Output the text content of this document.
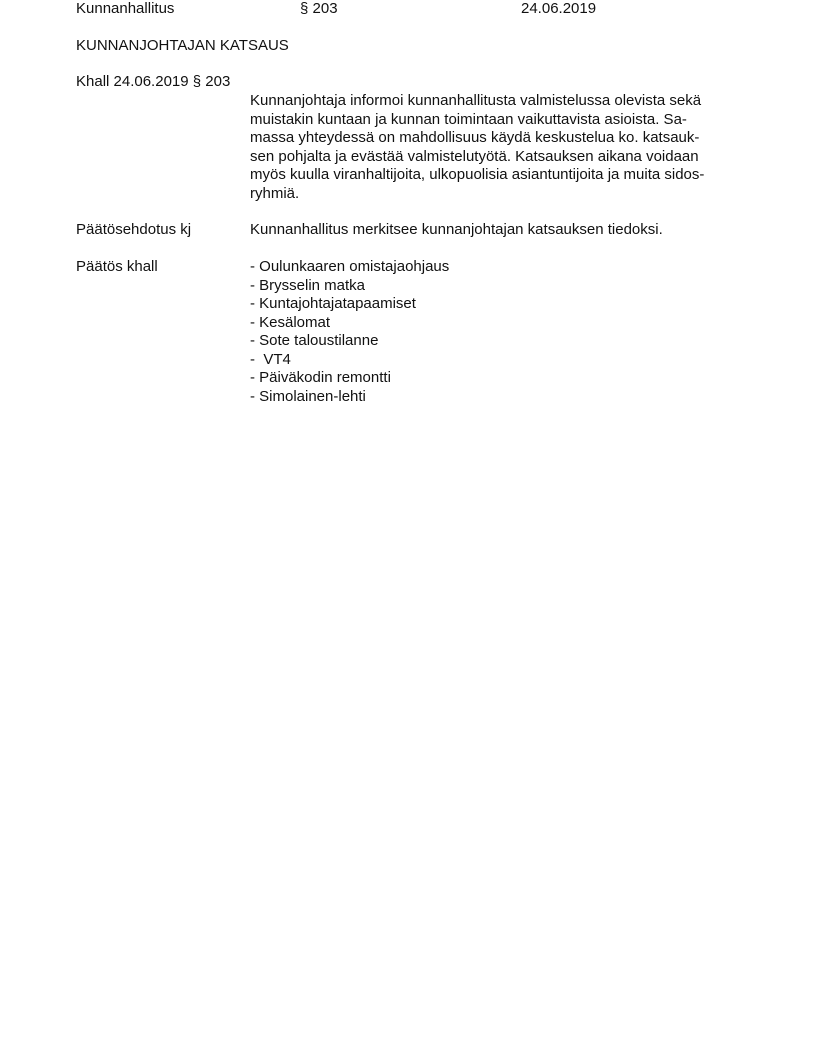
Kunnanhallitus	§ 203	24.06.2019
KUNNANJOHTAJAN KATSAUS
Khall 24.06.2019 § 203
Kunnanjohtaja informoi kunnanhallitusta valmistelussa olevista sekä
muistakin kuntaan ja kunnan toimintaan vaikuttavista asioista. Sa-
massa yhteydessä on mahdollisuus käydä keskustelua ko. katsauk-
sen pohjalta ja evästää valmistelutyötä. Katsauksen aikana voidaan
myös kuulla viranhaltijoita, ulkopuolisia asiantuntijoita ja muita sidos-
ryhmiä.
Päätösehdotus kj	Kunnanhallitus merkitsee kunnanjohtajan katsauksen tiedoksi.
Päätös khall	- Oulunkaaren omistajaohjaus
- Brysselin matka
- Kuntajohtajatapaamiset
- Kesälomat
- Sote taloustilanne
-  VT4
- Päiväkodin remontti
- Simolainen-lehti
